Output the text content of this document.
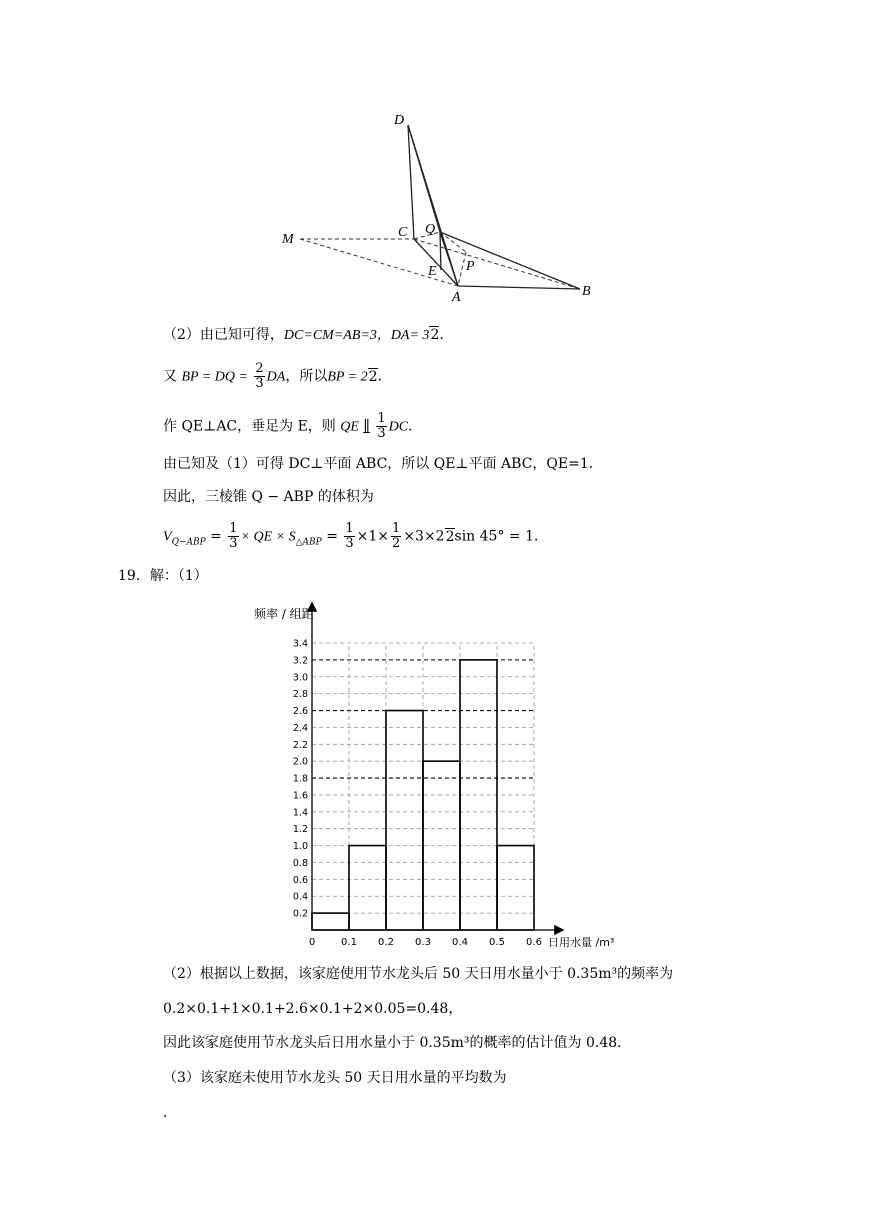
D
C Q
M
E P
A	B
（2）由已知可得，DC=CM=AB=3，DA= 32．
又 BP = DQ = $\frac{2}{3}$ DA，所以BP = 22．
作 QE⊥AC，垂足为 E，则 QE ∥ $\frac{1}{3}$ DC．
由已知及（1）可得 DC⊥平面 ABC，所以 QE⊥平面 ABC，QE=1．
因此，三棱锥 Q − ABP 的体积为
$V_{Q-ABP} = \frac{1}{3}$ × QE × $S_{\triangle ABP} = \frac{1}{3} \times 1\times \frac{1}{2} \times 3\times 22\sin$ 45° = 1．
19．解：（1）
0.2
0.4
0.6
0.8
1.0
1.2
1.4
1.6
1.8
2.0
2.2
2.4
2.6
2.8
3.0
3.2
3.4
0	0.1 0.2 0.3 0.4 0.5 0.6
频率 / 组距
日用水量 /m³
（2）根据以上数据，该家庭使用节水龙头后 50 天日用水量小于 0.35m³的频率为
0.2×0.1+1×0.1+2.6×0.1+2×0.05=0.48，
因此该家庭使用节水龙头后日用水量小于 0.35m³的概率的估计值为 0.48．
（3）该家庭未使用节水龙头 50 天日用水量的平均数为
．
